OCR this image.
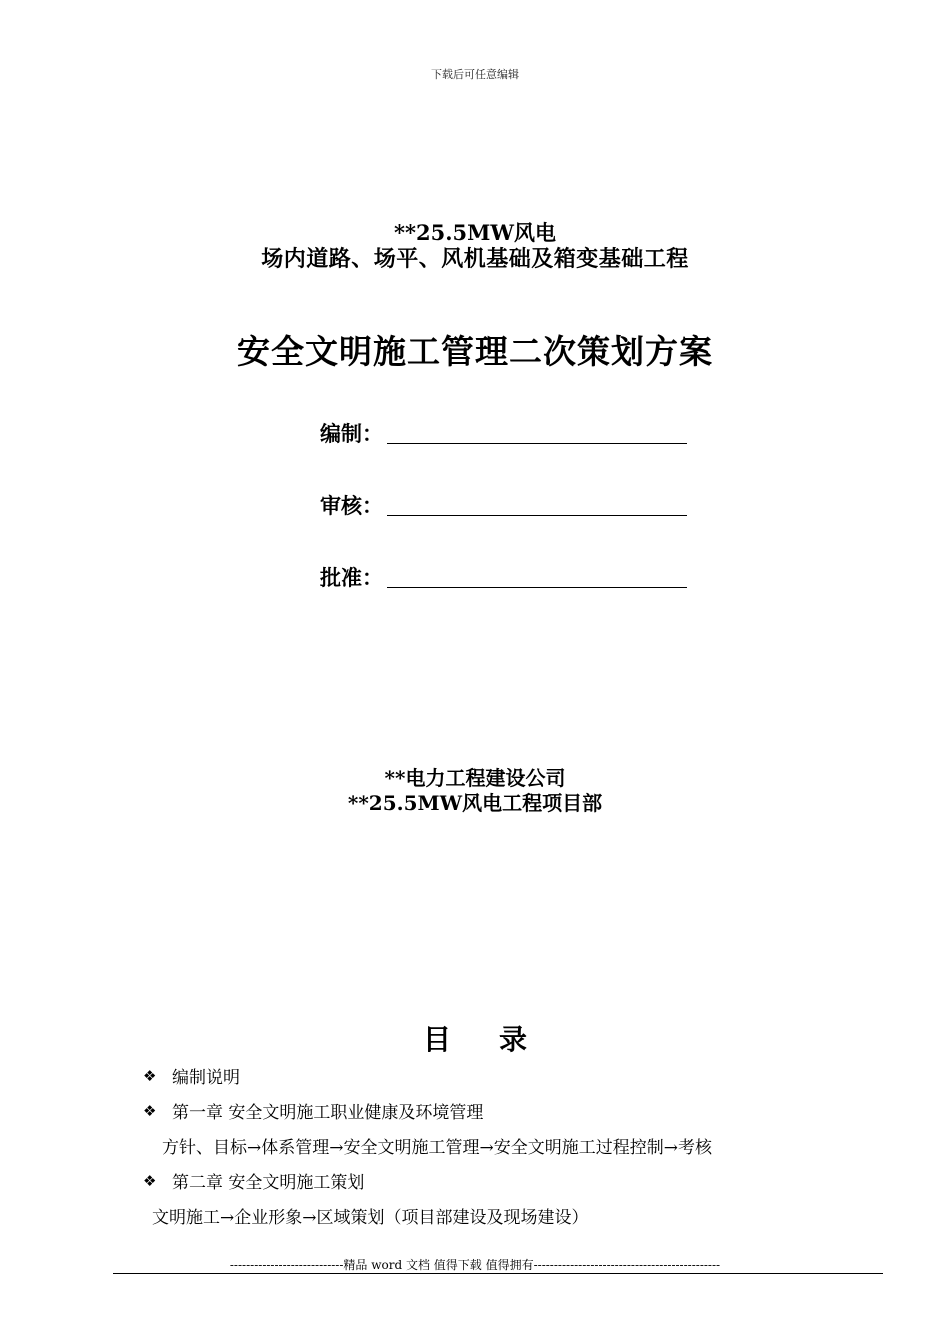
下载后可任意编辑
**25.5MW风电
场内道路、场平、风机基础及箱变基础工程
安全文明施工管理二次策划方案
编制：
审核：
批准：
**电力工程建设公司
**25.5MW风电工程项目部
目 录
❖ 编制说明
❖ 第一章 安全文明施工职业健康及环境管理
方针、目标→体系管理→安全文明施工管理→安全文明施工过程控制→考核
❖ 第二章 安全文明施工策划
文明施工→企业形象→区域策划（项目部建设及现场建设）
----------------------------精品 word 文档 值得下载 值得拥有----------------------------------------------
